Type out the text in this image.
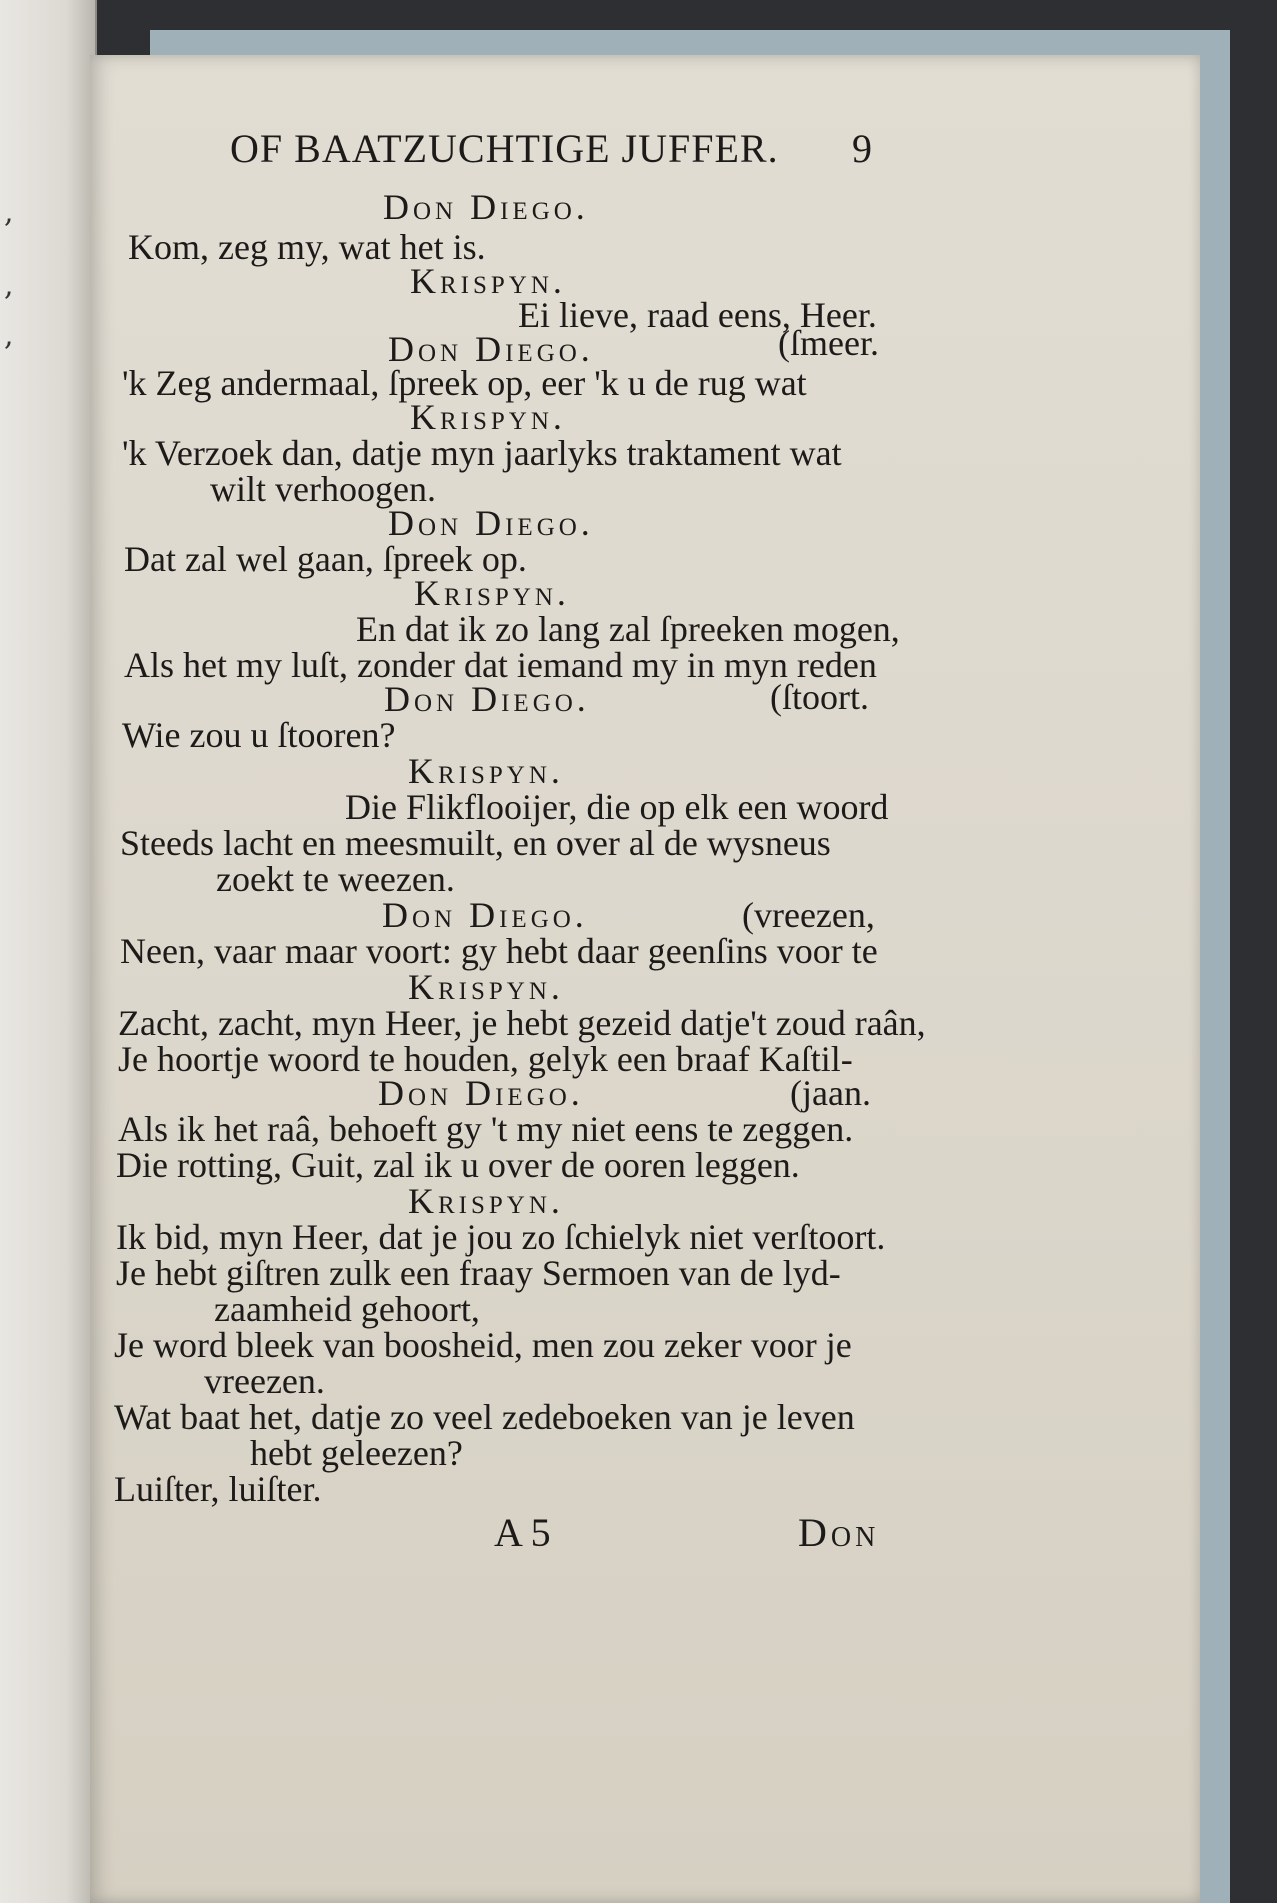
,
,
,
OF BAATZUCHTIGE JUFFER. 9
Don Diego.
Kom, zeg my, wat het is.
Krispyn.
Ei lieve, raad eens, Heer.
Don Diego.	(ſmeer.
'k Zeg andermaal, ſpreek op, eer 'k u de rug wat
Krispyn.
'k Verzoek dan, datje myn jaarlyks traktament wat
wilt verhoogen.
Don Diego.
Dat zal wel gaan, ſpreek op.
Krispyn.
En dat ik zo lang zal ſpreeken mogen,
Als het my luſt, zonder dat iemand my in myn reden
Don Diego.	(ſtoort.
Wie zou u ſtooren?
Krispyn.
Die Flikflooijer, die op elk een woord
Steeds lacht en meesmuilt, en over al de wysneus
zoekt te weezen.
Don Diego.	(vreezen,
Neen, vaar maar voort: gy hebt daar geenſins voor te
Krispyn.
Zacht, zacht, myn Heer, je hebt gezeid datje't zoud raân,
Je hoortje woord te houden, gelyk een braaf Kaſtil-
Don Diego.	(jaan.
Als ik het raâ, behoeft gy 't my niet eens te zeggen.
Die rotting, Guit, zal ik u over de ooren leggen.
Krispyn.
Ik bid, myn Heer, dat je jou zo ſchielyk niet verſtoort.
Je hebt giſtren zulk een fraay Sermoen van de lyd-
zaamheid gehoort,
Je word bleek van boosheid, men zou zeker voor je
vreezen.
Wat baat het, datje zo veel zedeboeken van je leven
hebt geleezen?
Luiſter, luiſter.
A 5	Don
